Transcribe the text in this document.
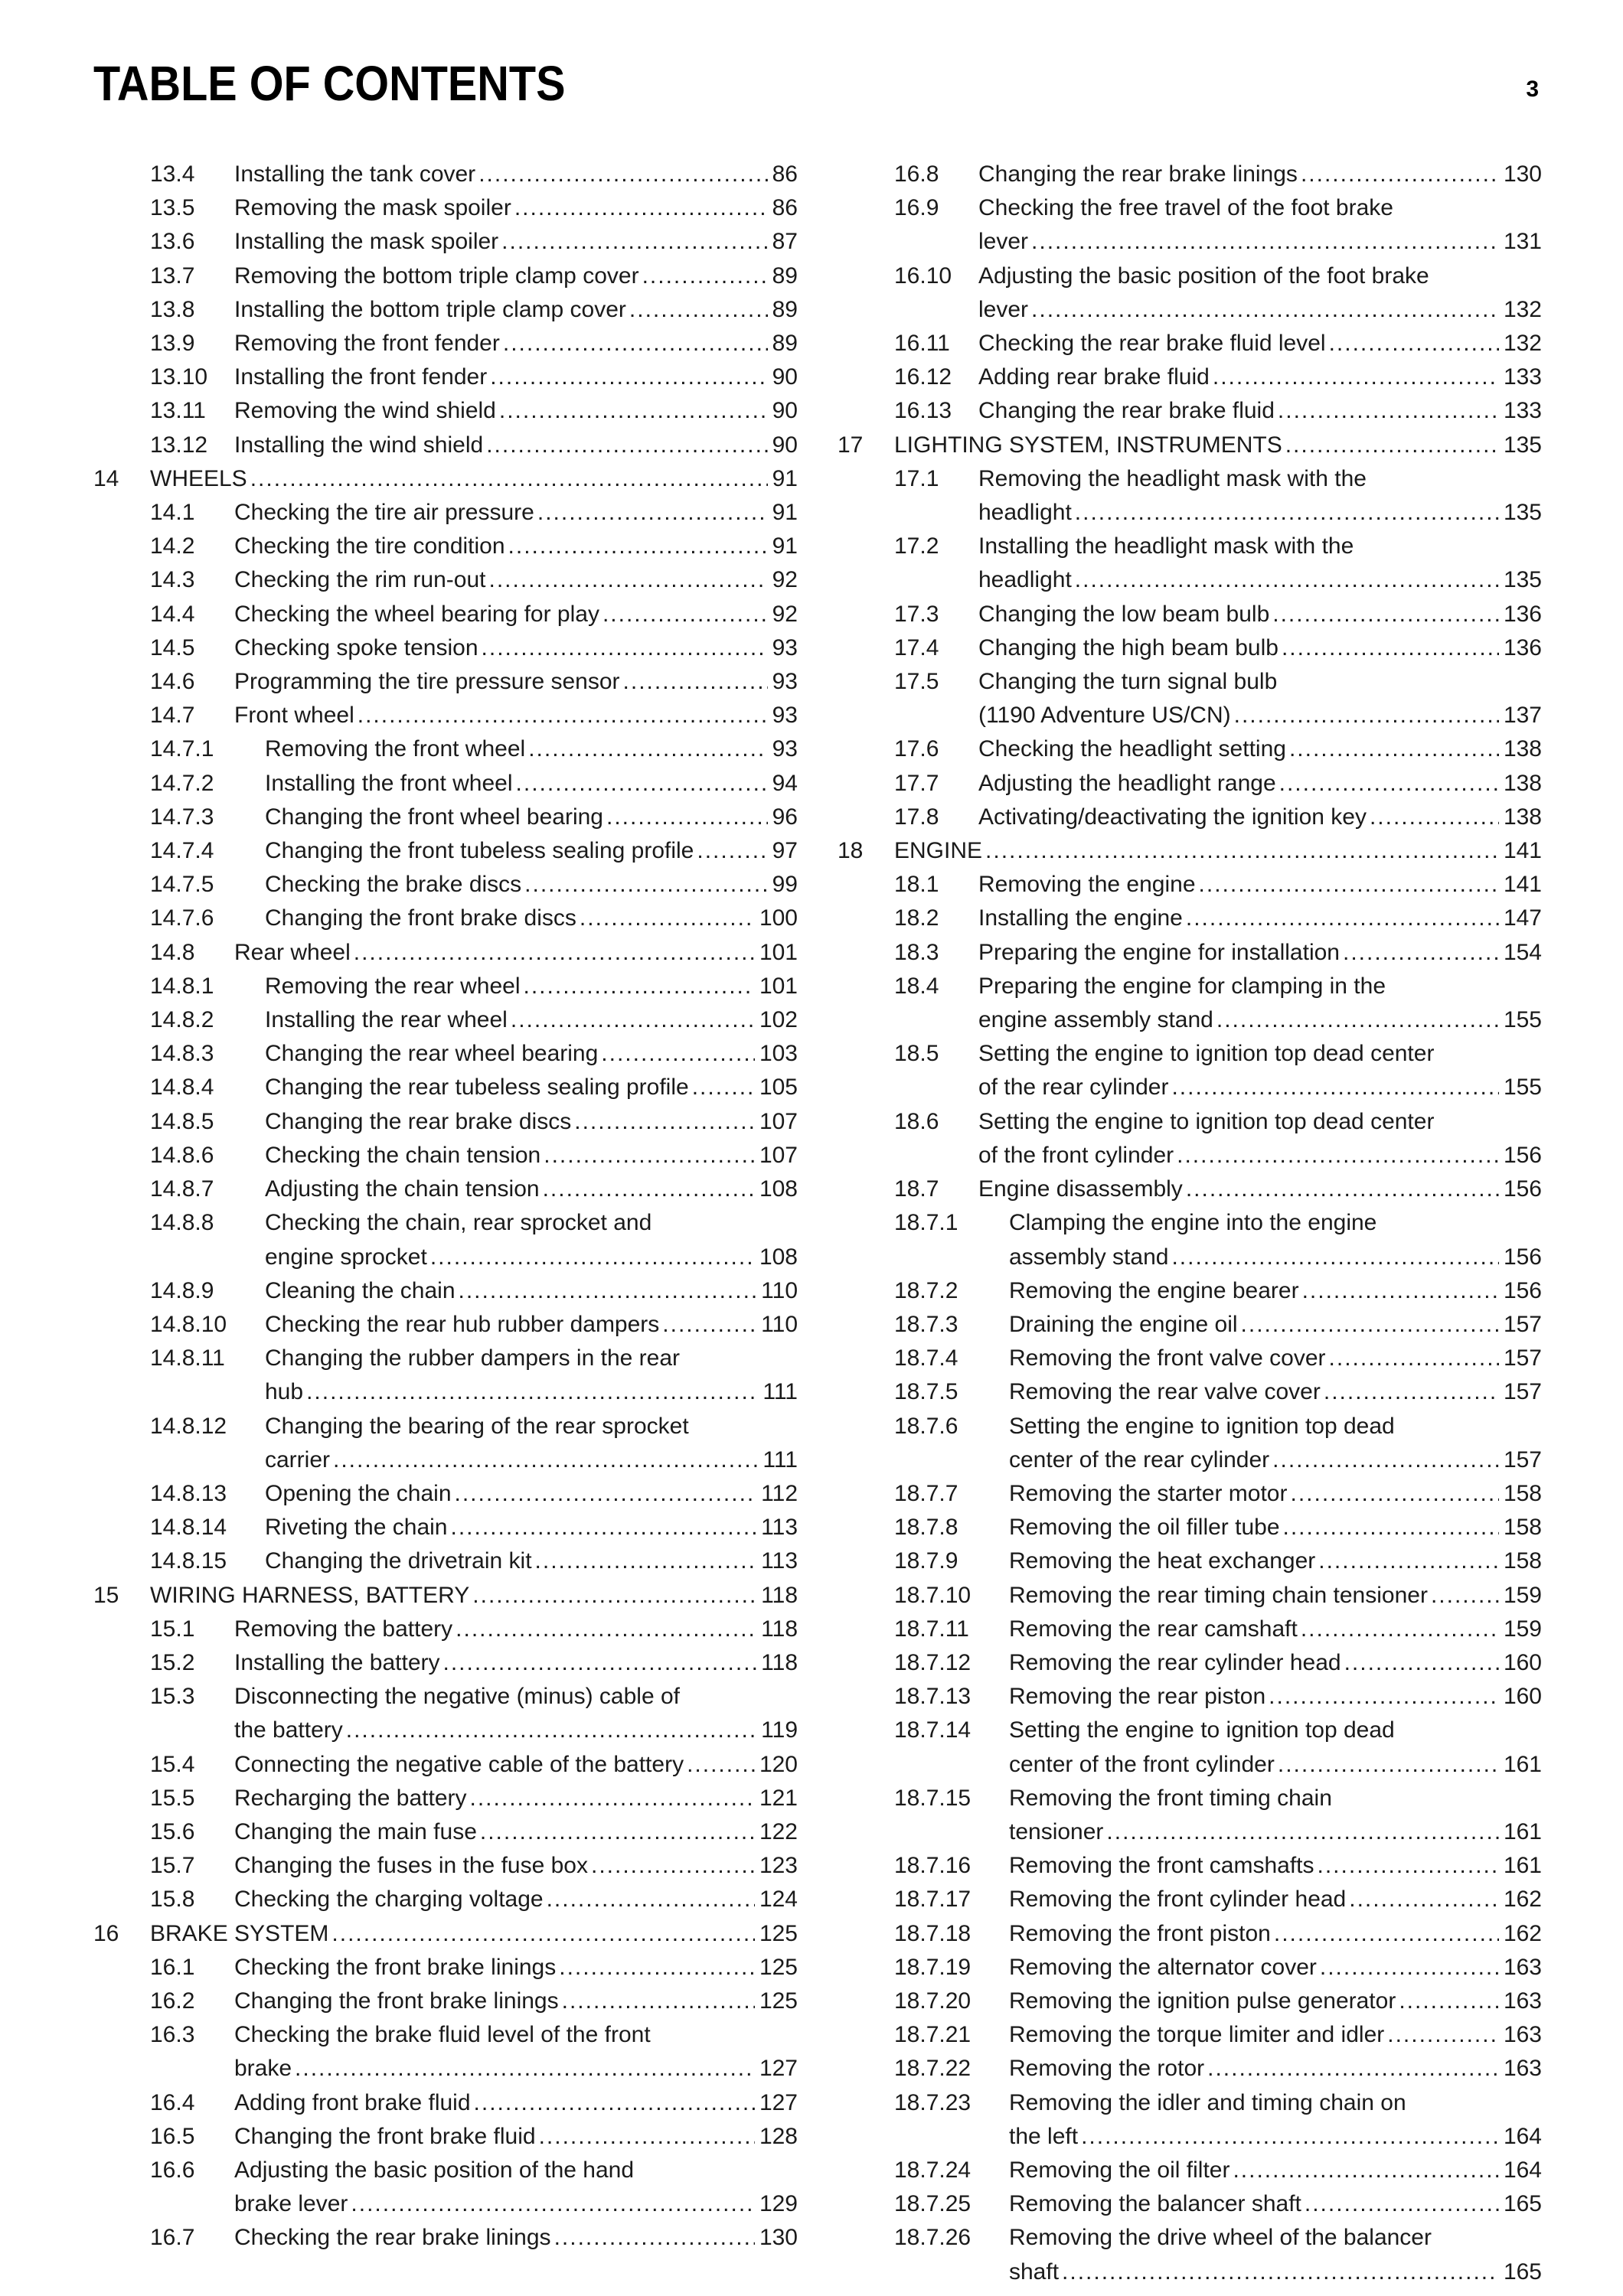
TABLE OF CONTENTS	3
13.4	Installing the tank cover .....	86
13.5	Removing the mask spoiler .....	86
13.6	Installing the mask spoiler .....	87
13.7	Removing the bottom triple clamp cover .....	89
13.8	Installing the bottom triple clamp cover .....	89
13.9	Removing the front fender .....	89
13.10	Installing the front fender .....	90
13.11	Removing the wind shield .....	90
13.12	Installing the wind shield .....	90
14	WHEELS .....	91
14.1	Checking the tire air pressure .....	91
14.2	Checking the tire condition .....	91
14.3	Checking the rim run-out .....	92
14.4	Checking the wheel bearing for play .....	92
14.5	Checking spoke tension .....	93
14.6	Programming the tire pressure sensor .....	93
14.7	Front wheel .....	93
14.7.1	Removing the front wheel .....	93
14.7.2	Installing the front wheel .....	94
14.7.3	Changing the front wheel bearing .....	96
14.7.4	Changing the front tubeless sealing profile .....	97
14.7.5	Checking the brake discs .....	99
14.7.6	Changing the front brake discs .....	100
14.8	Rear wheel .....	101
14.8.1	Removing the rear wheel .....	101
14.8.2	Installing the rear wheel .....	102
14.8.3	Changing the rear wheel bearing .....	103
14.8.4	Changing the rear tubeless sealing profile .....	105
14.8.5	Changing the rear brake discs .....	107
14.8.6	Checking the chain tension .....	107
14.8.7	Adjusting the chain tension .....	108
14.8.8	Checking the chain, rear sprocket and
engine sprocket .....	108
14.8.9	Cleaning the chain .....	110
14.8.10	Checking the rear hub rubber dampers .....	110
14.8.11	Changing the rubber dampers in the rear
hub .....	111
14.8.12	Changing the bearing of the rear sprocket
carrier .....	111
14.8.13	Opening the chain .....	112
14.8.14	Riveting the chain .....	113
14.8.15	Changing the drivetrain kit .....	113
15	WIRING HARNESS, BATTERY .....	118
15.1	Removing the battery .....	118
15.2	Installing the battery .....	118
15.3	Disconnecting the negative (minus) cable of
the battery .....	119
15.4	Connecting the negative cable of the battery .....	120
15.5	Recharging the battery .....	121
15.6	Changing the main fuse .....	122
15.7	Changing the fuses in the fuse box .....	123
15.8	Checking the charging voltage .....	124
16	BRAKE SYSTEM .....	125
16.1	Checking the front brake linings .....	125
16.2	Changing the front brake linings .....	125
16.3	Checking the brake fluid level of the front
brake .....	127
16.4	Adding front brake fluid .....	127
16.5	Changing the front brake fluid .....	128
16.6	Adjusting the basic position of the hand
brake lever .....	129
16.7	Checking the rear brake linings .....	130
16.8	Changing the rear brake linings .....	130
16.9	Checking the free travel of the foot brake
lever .....	131
16.10	Adjusting the basic position of the foot brake
lever .....	132
16.11	Checking the rear brake fluid level .....	132
16.12	Adding rear brake fluid .....	133
16.13	Changing the rear brake fluid .....	133
17	LIGHTING SYSTEM, INSTRUMENTS .....	135
17.1	Removing the headlight mask with the
headlight .....	135
17.2	Installing the headlight mask with the
headlight .....	135
17.3	Changing the low beam bulb .....	136
17.4	Changing the high beam bulb .....	136
17.5	Changing the turn signal bulb
(1190 Adventure US/CN) .....	137
17.6	Checking the headlight setting .....	138
17.7	Adjusting the headlight range .....	138
17.8	Activating/deactivating the ignition key .....	138
18	ENGINE .....	141
18.1	Removing the engine .....	141
18.2	Installing the engine .....	147
18.3	Preparing the engine for installation .....	154
18.4	Preparing the engine for clamping in the
engine assembly stand .....	155
18.5	Setting the engine to ignition top dead center
of the rear cylinder .....	155
18.6	Setting the engine to ignition top dead center
of the front cylinder .....	156
18.7	Engine disassembly .....	156
18.7.1	Clamping the engine into the engine
assembly stand .....	156
18.7.2	Removing the engine bearer .....	156
18.7.3	Draining the engine oil .....	157
18.7.4	Removing the front valve cover .....	157
18.7.5	Removing the rear valve cover .....	157
18.7.6	Setting the engine to ignition top dead
center of the rear cylinder .....	157
18.7.7	Removing the starter motor .....	158
18.7.8	Removing the oil filler tube .....	158
18.7.9	Removing the heat exchanger .....	158
18.7.10	Removing the rear timing chain tensioner .....	159
18.7.11	Removing the rear camshaft .....	159
18.7.12	Removing the rear cylinder head .....	160
18.7.13	Removing the rear piston .....	160
18.7.14	Setting the engine to ignition top dead
center of the front cylinder .....	161
18.7.15	Removing the front timing chain
tensioner .....	161
18.7.16	Removing the front camshafts .....	161
18.7.17	Removing the front cylinder head .....	162
18.7.18	Removing the front piston .....	162
18.7.19	Removing the alternator cover .....	163
18.7.20	Removing the ignition pulse generator .....	163
18.7.21	Removing the torque limiter and idler .....	163
18.7.22	Removing the rotor .....	163
18.7.23	Removing the idler and timing chain on
the left .....	164
18.7.24	Removing the oil filter .....	164
18.7.25	Removing the balancer shaft .....	165
18.7.26	Removing the drive wheel of the balancer
shaft .....	165
